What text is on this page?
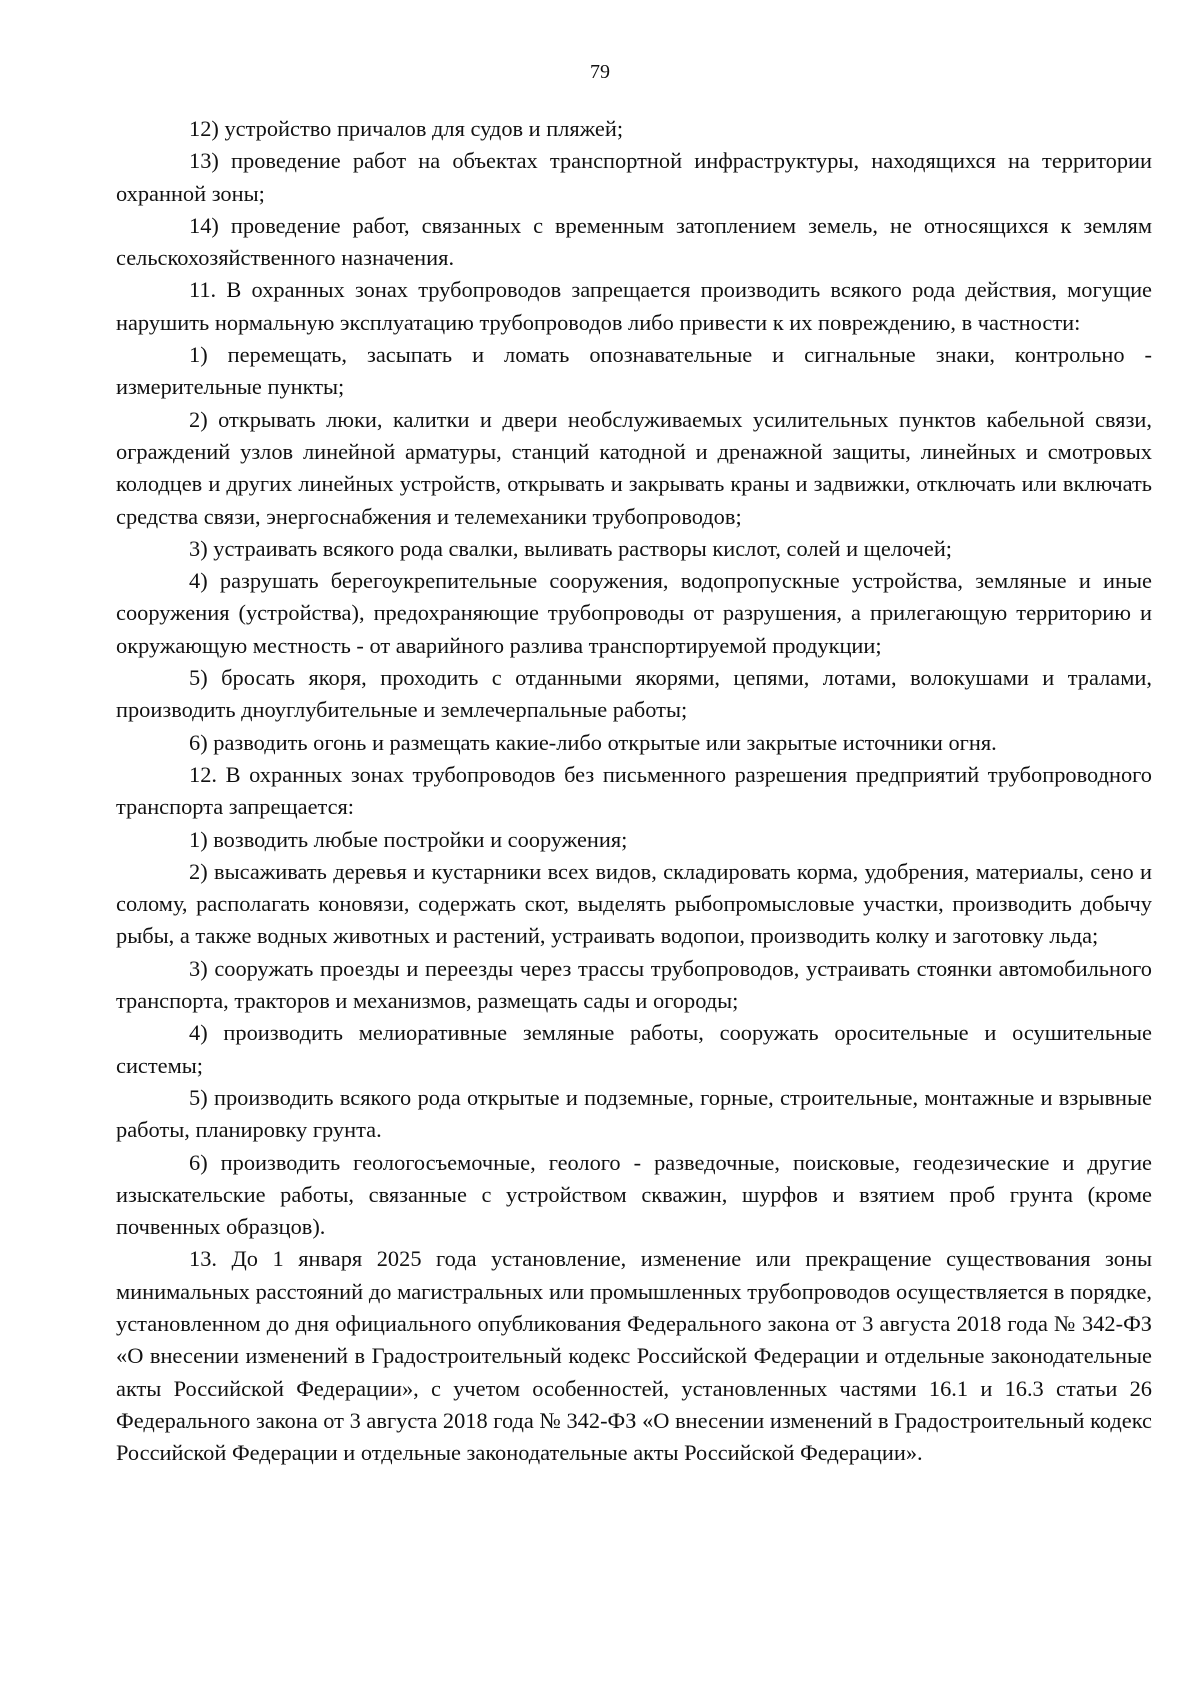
79

12) устройство причалов для судов и пляжей;

13) проведение работ на объектах транспортной инфраструктуры, находящихся на территории охранной зоны;

14) проведение работ, связанных с временным затоплением земель, не относящихся к землям сельскохозяйственного назначения.

11. В охранных зонах трубопроводов запрещается производить всякого рода действия, могущие нарушить нормальную эксплуатацию трубопроводов либо привести к их повреждению, в частности:

1) перемещать, засыпать и ломать опознавательные и сигнальные знаки, контрольно - измерительные пункты;

2) открывать люки, калитки и двери необслуживаемых усилительных пунктов кабельной связи, ограждений узлов линейной арматуры, станций катодной и дренажной защиты, линейных и смотровых колодцев и других линейных устройств, открывать и закрывать краны и задвижки, отключать или включать средства связи, энергоснабжения и телемеханики трубопроводов;

3) устраивать всякого рода свалки, выливать растворы кислот, солей и щелочей;

4) разрушать берегоукрепительные сооружения, водопропускные устройства, земляные и иные сооружения (устройства), предохраняющие трубопроводы от разрушения, а прилегающую территорию и окружающую местность - от аварийного разлива транспортируемой продукции;

5) бросать якоря, проходить с отданными якорями, цепями, лотами, волокушами и тралами, производить дноуглубительные и землечерпальные работы;

6) разводить огонь и размещать какие-либо открытые или закрытые источники огня.

12. В охранных зонах трубопроводов без письменного разрешения предприятий трубопроводного транспорта запрещается:

1) возводить любые постройки и сооружения;

2) высаживать деревья и кустарники всех видов, складировать корма, удобрения, материалы, сено и солому, располагать коновязи, содержать скот, выделять рыбопромысловые участки, производить добычу рыбы, а также водных животных и растений, устраивать водопои, производить колку и заготовку льда;

3) сооружать проезды и переезды через трассы трубопроводов, устраивать стоянки автомобильного транспорта, тракторов и механизмов, размещать сады и огороды;

4) производить мелиоративные земляные работы, сооружать оросительные и осушительные системы;

5) производить всякого рода открытые и подземные, горные, строительные, монтажные и взрывные работы, планировку грунта.

6) производить геологосъемочные, геолого - разведочные, поисковые, геодезические и другие изыскательские работы, связанные с устройством скважин, шурфов и взятием проб грунта (кроме почвенных образцов).

13. До 1 января 2025 года установление, изменение или прекращение существования зоны минимальных расстояний до магистральных или промышленных трубопроводов осуществляется в порядке, установленном до дня официального опубликования Федерального закона от 3 августа 2018 года № 342-ФЗ «О внесении изменений в Градостроительный кодекс Российской Федерации и отдельные законодательные акты Российской Федерации», с учетом особенностей, установленных частями 16.1 и 16.3 статьи 26 Федерального закона от 3 августа 2018 года № 342-ФЗ «О внесении изменений в Градостроительный кодекс Российской Федерации и отдельные законодательные акты Российской Федерации».
